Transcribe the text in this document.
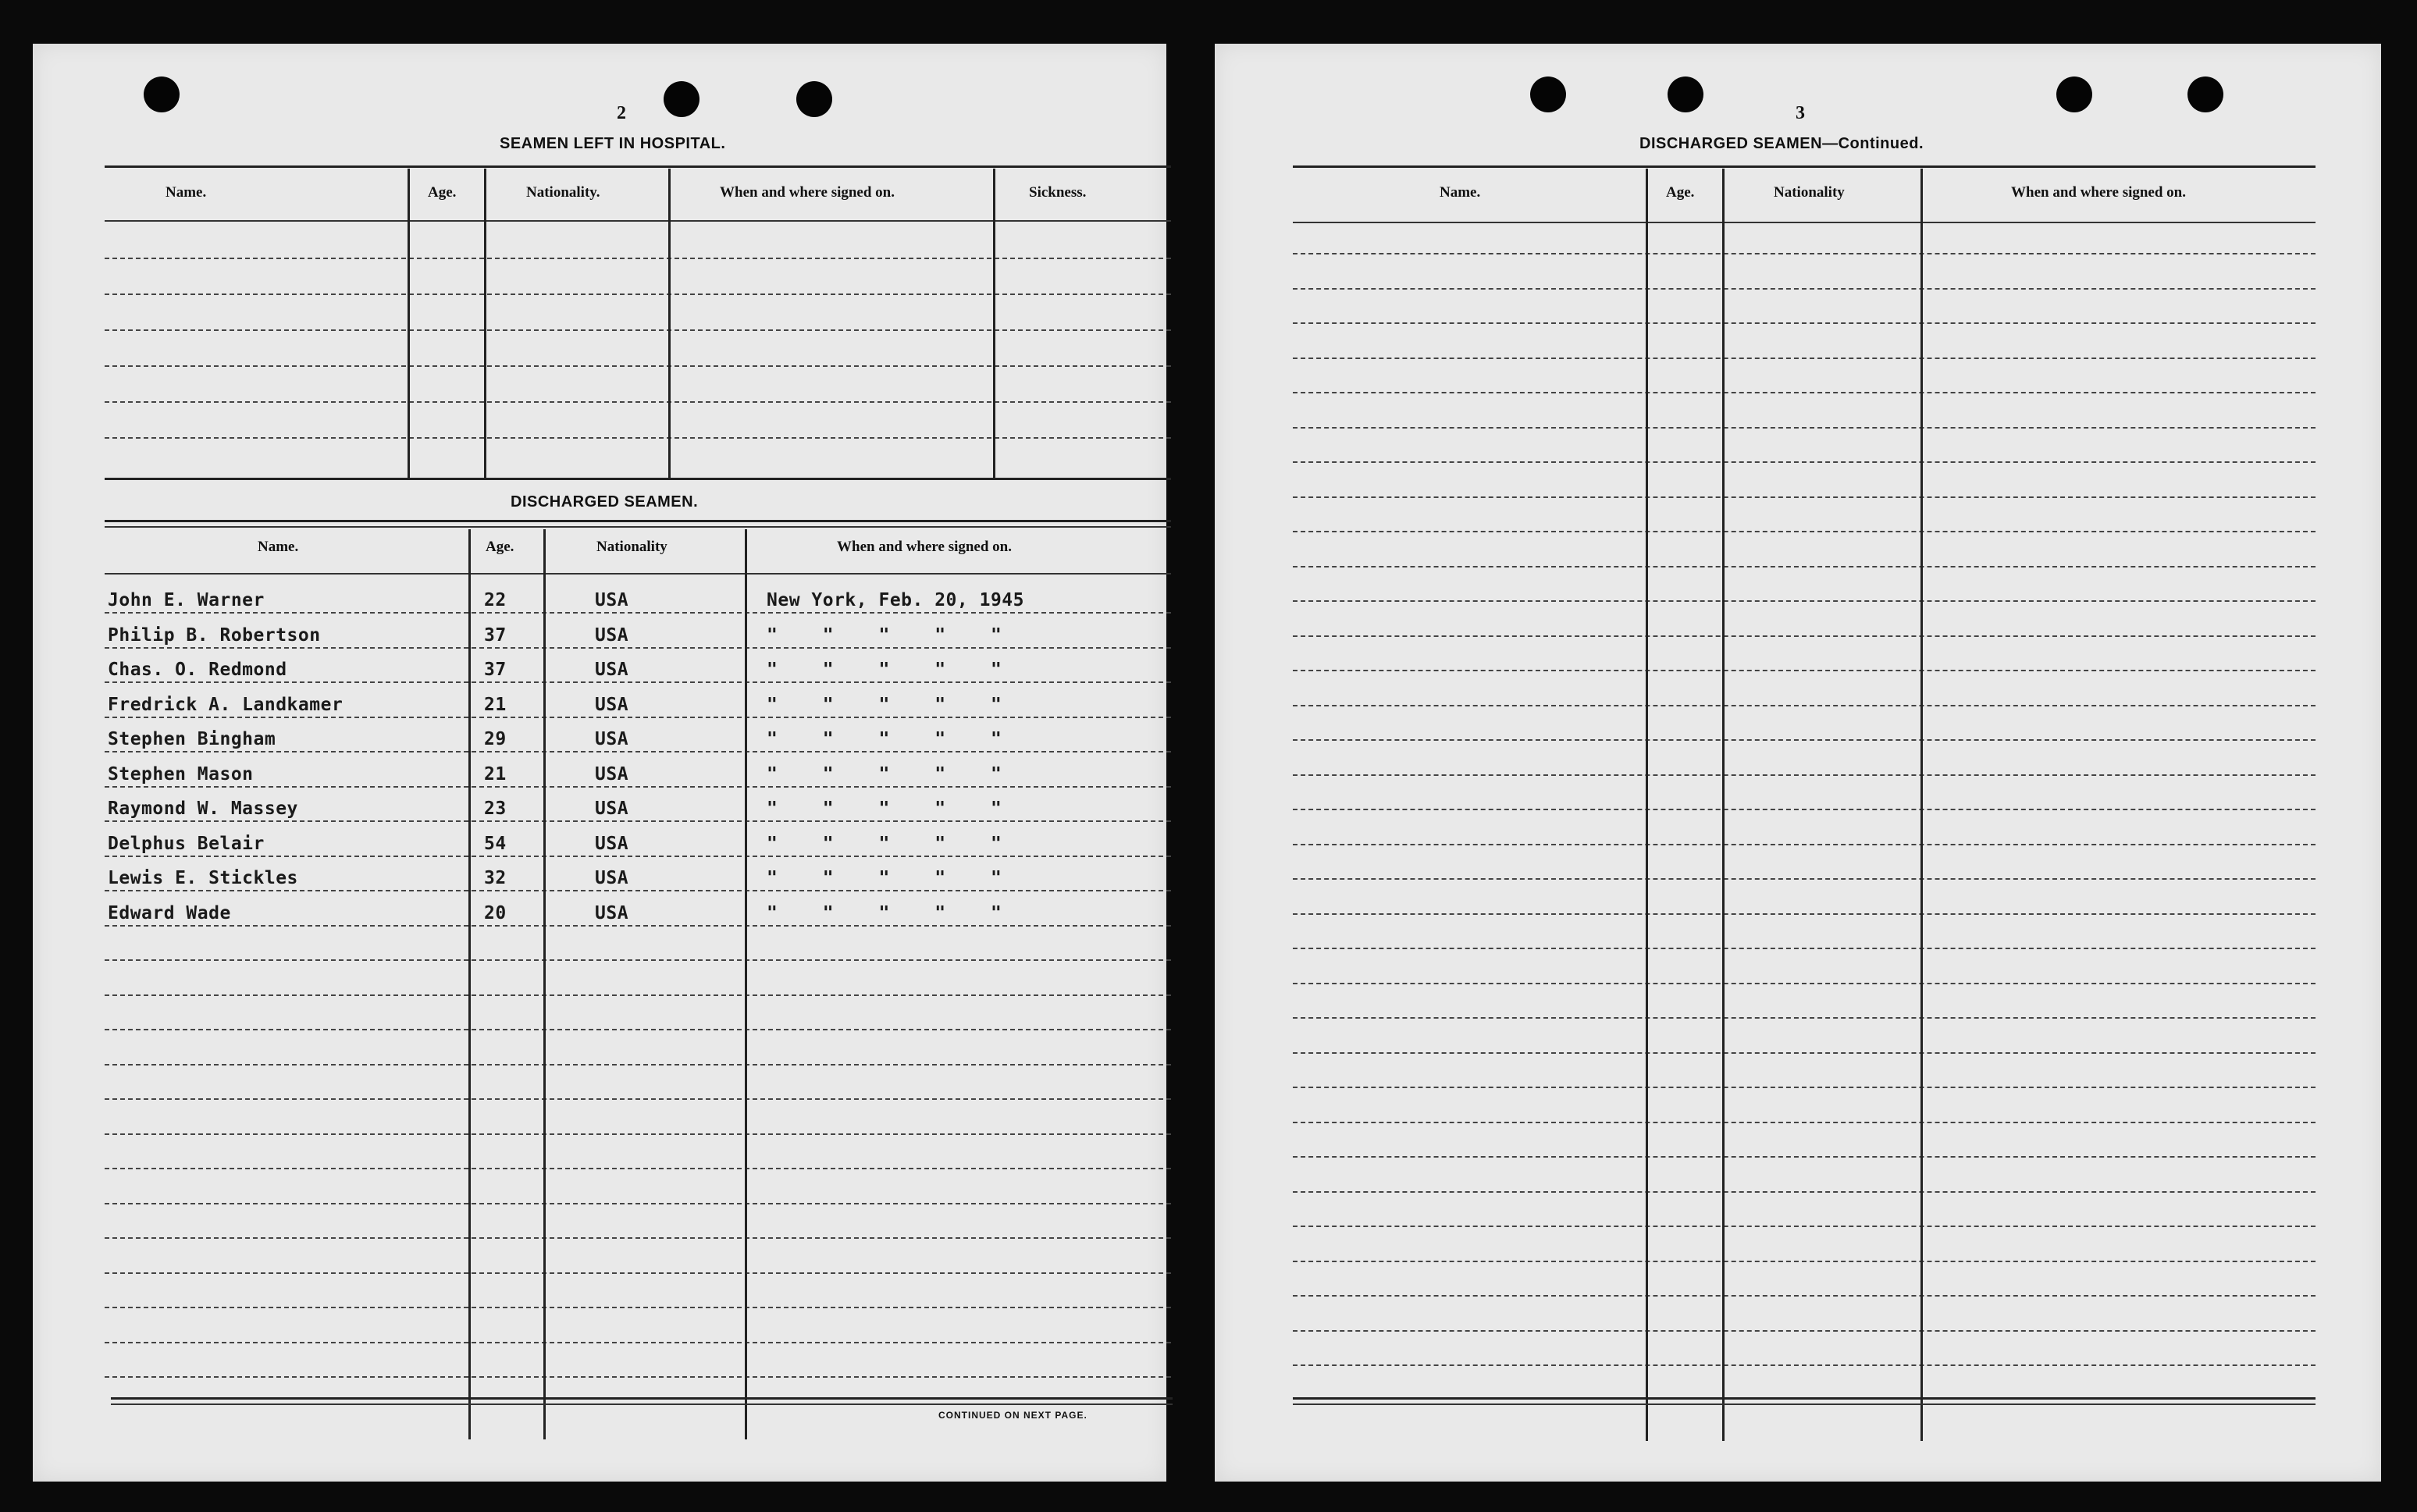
2
SEAMEN LEFT IN HOSPITAL.
Name.	Age.	Nationality.	When and where signed on.	Sickness.
DISCHARGED SEAMEN.
Name.	Age.	Nationality	When and where signed on.
John E. Warner	22	USA	New York, Feb. 20, 1945
Philip B. Robertson	37	USA	"    "    "    "    "
Chas. O. Redmond	37	USA	"    "    "    "    "
Fredrick A. Landkamer	21	USA	"    "    "    "    "
Stephen Bingham	29	USA	"    "    "    "    "
Stephen Mason	21	USA	"    "    "    "    "
Raymond W. Massey	23	USA	"    "    "    "    "
Delphus Belair	54	USA	"    "    "    "    "
Lewis E. Stickles	32	USA	"    "    "    "    "
Edward Wade	20	USA	"    "    "    "    "
CONTINUED ON NEXT PAGE.
3
DISCHARGED SEAMEN—Continued.
Name.	Age.	Nationality	When and where signed on.
